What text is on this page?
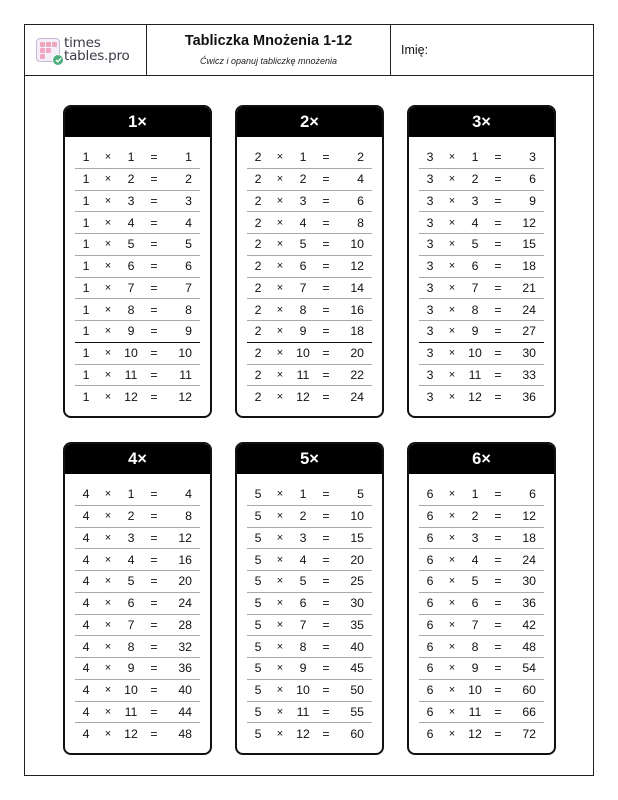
times
tables.pro
Tabliczka Mnożenia 1-12
Ćwicz i opanuj tabliczkę mnożenia
Imię:
1×
1	×	1	=	1
1	×	2	=	2
1	×	3	=	3
1	×	4	=	4
1	×	5	=	5
1	×	6	=	6
1	×	7	=	7
1	×	8	=	8
1	×	9	=	9
1	×	10	=	10
1	×	11	=	11
1	×	12	=	12
2×
2	×	1	=	2
2	×	2	=	4
2	×	3	=	6
2	×	4	=	8
2	×	5	=	10
2	×	6	=	12
2	×	7	=	14
2	×	8	=	16
2	×	9	=	18
2	×	10	=	20
2	×	11	=	22
2	×	12	=	24
3×
3	×	1	=	3
3	×	2	=	6
3	×	3	=	9
3	×	4	=	12
3	×	5	=	15
3	×	6	=	18
3	×	7	=	21
3	×	8	=	24
3	×	9	=	27
3	×	10	=	30
3	×	11	=	33
3	×	12	=	36
4×
4	×	1	=	4
4	×	2	=	8
4	×	3	=	12
4	×	4	=	16
4	×	5	=	20
4	×	6	=	24
4	×	7	=	28
4	×	8	=	32
4	×	9	=	36
4	×	10	=	40
4	×	11	=	44
4	×	12	=	48
5×
5	×	1	=	5
5	×	2	=	10
5	×	3	=	15
5	×	4	=	20
5	×	5	=	25
5	×	6	=	30
5	×	7	=	35
5	×	8	=	40
5	×	9	=	45
5	×	10	=	50
5	×	11	=	55
5	×	12	=	60
6×
6	×	1	=	6
6	×	2	=	12
6	×	3	=	18
6	×	4	=	24
6	×	5	=	30
6	×	6	=	36
6	×	7	=	42
6	×	8	=	48
6	×	9	=	54
6	×	10	=	60
6	×	11	=	66
6	×	12	=	72
